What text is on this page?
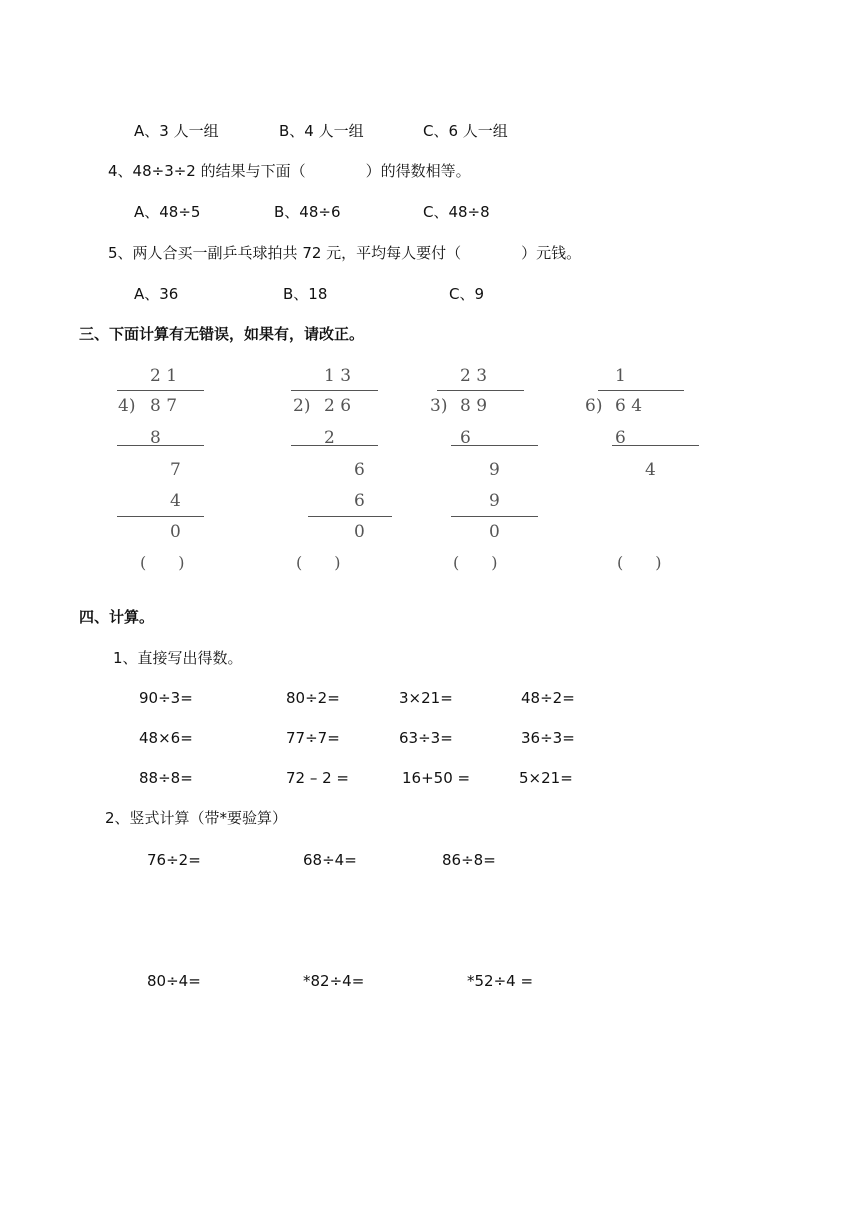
A、3 人一组	B、4 人一组	C、6 人一组
4、48÷3÷2 的结果与下面（　　　　）的得数相等。
A、48÷5	B、48÷6	C、48÷8
5、两人合买一副乒乓球拍共 72 元，平均每人要付（　　　　）元钱。
A、36	B、18	C、9
三、下面计算有无错误，如果有，请改正。
2 1
4) 8 7
8
7
4
0
(　　)
1 3
2) 2 6
2
6
6
0
(　　)
2 3
3) 8 9
6
9
9
0
(　　)
1
6) 6 4
6
4
(　　)
四、计算。
1、直接写出得数。
90÷3=	80÷2=	3×21=	48÷2=
48×6=	77÷7=	63÷3=	36÷3=
88÷8=	72 – 2 =	16+50 =	5×21=
2、竖式计算（带*要验算）
76÷2=	68÷4=	86÷8=
80÷4=	*82÷4=	*52÷4 =
